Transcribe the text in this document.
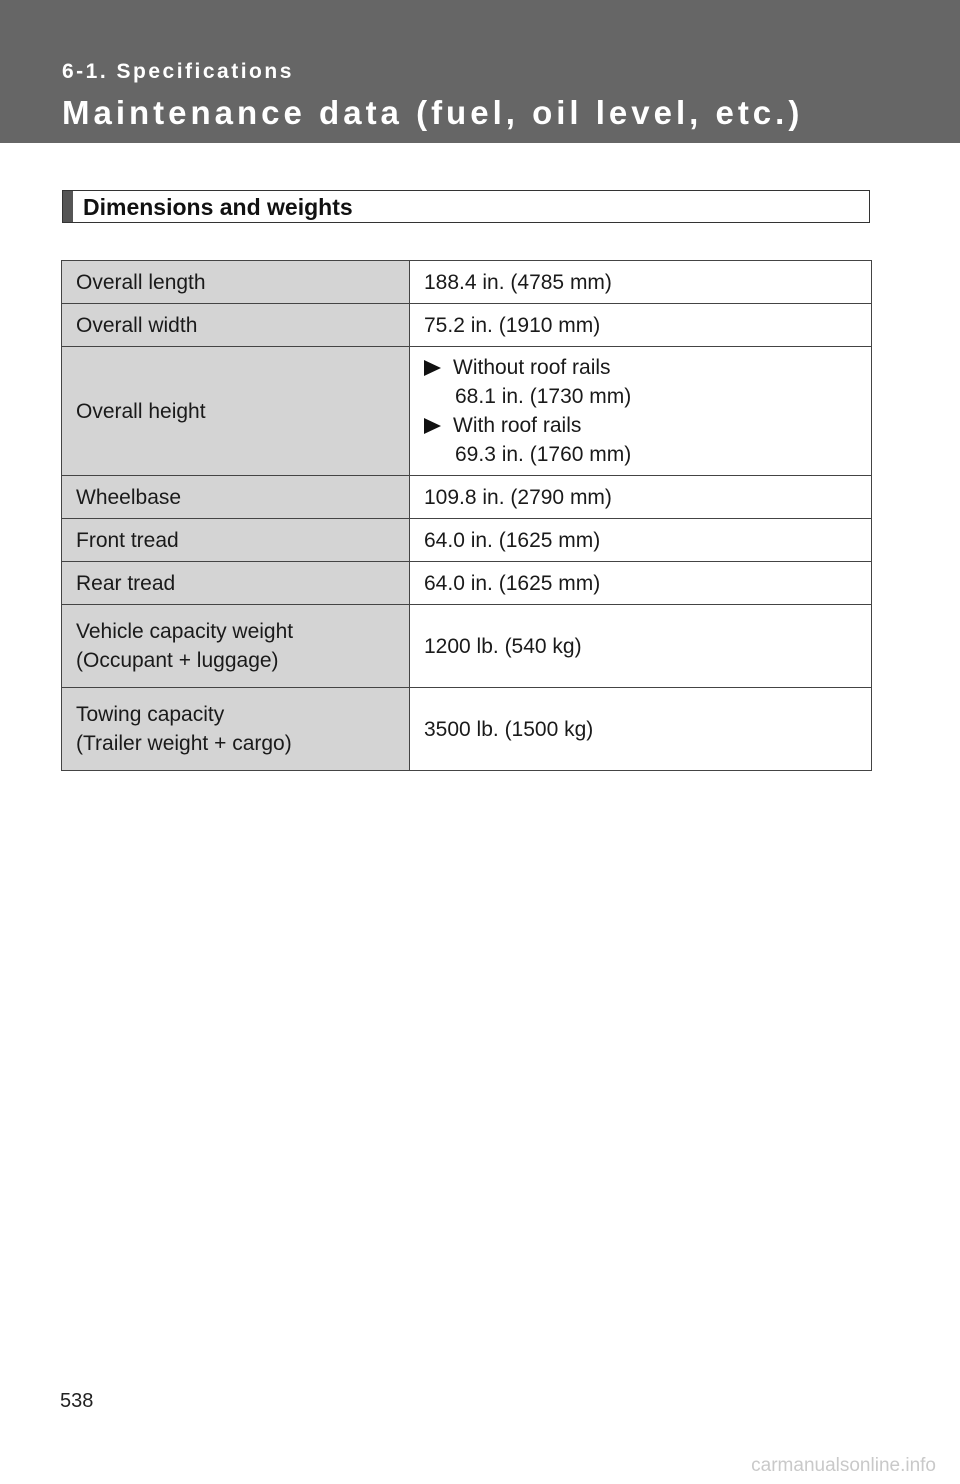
6-1. Specifications
Maintenance data (fuel, oil level, etc.)
Dimensions and weights
Overall length	188.4 in. (4785 mm)
Overall width	75.2 in. (1910 mm)
Overall height	Without roof rails
68.1 in. (1730 mm)
With roof rails
69.3 in. (1760 mm)

Wheelbase	109.8 in. (2790 mm)
Front tread	64.0 in. (1625 mm)
Rear tread	64.0 in. (1625 mm)

Vehicle capacity weight
(Occupant + luggage)	1200 lb. (540 kg)

Towing capacity
(Trailer weight + cargo)	3500 lb. (1500 kg)
538
carmanualsonline.info
